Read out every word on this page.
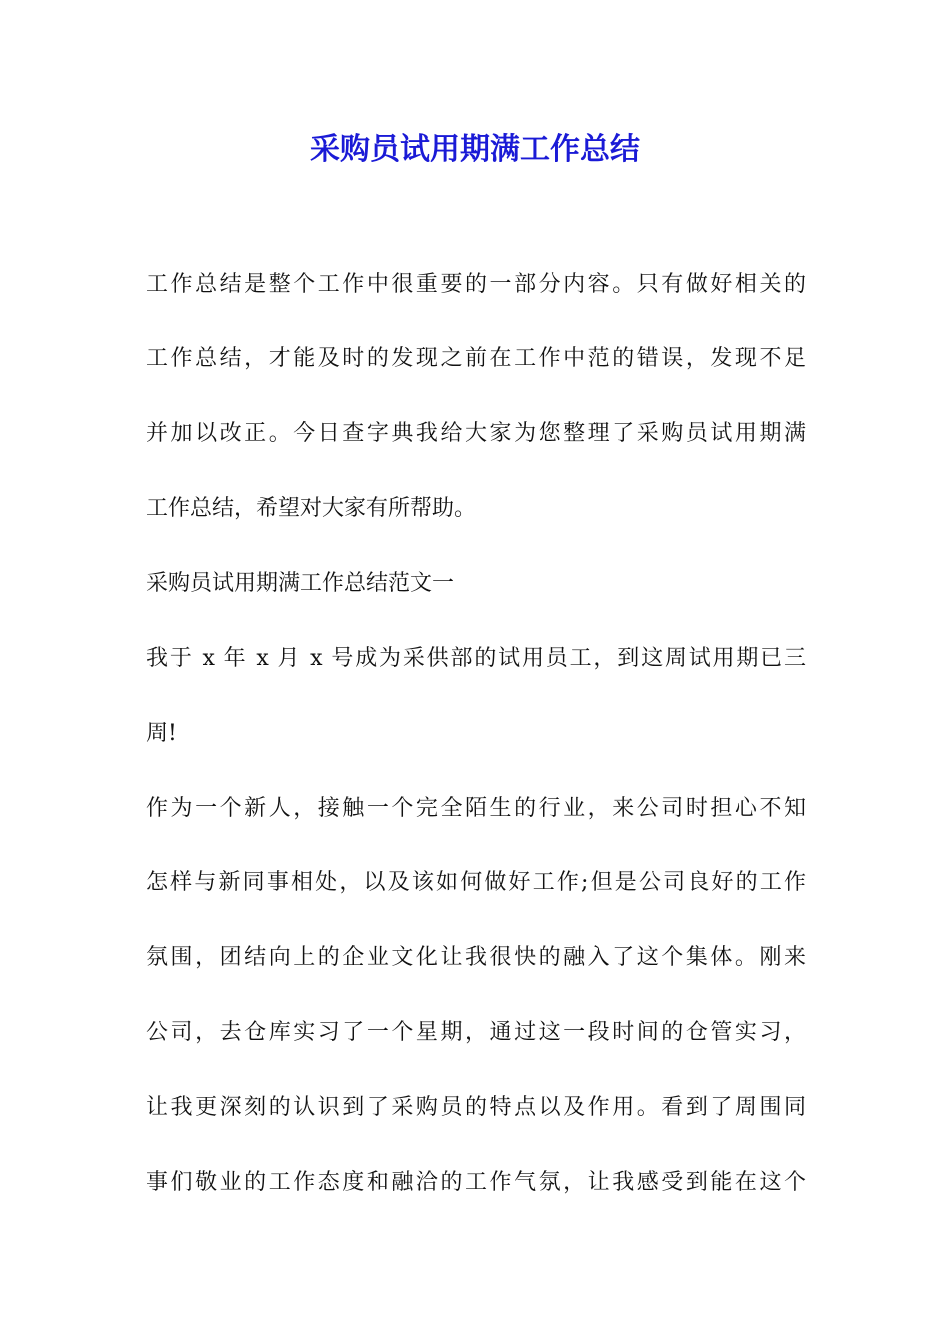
采购员试用期满工作总结

工作总结是整个工作中很重要的一部分内容。只有做好相关的

工作总结，才能及时的发现之前在工作中范的错误，发现不足

并加以改正。今日查字典我给大家为您整理了采购员试用期满

工作总结，希望对大家有所帮助。

采购员试用期满工作总结范文一

我于 x 年 x 月 x 号成为采供部的试用员工，到这周试用期已三

周!

作为一个新人，接触一个完全陌生的行业，来公司时担心不知

怎样与新同事相处，以及该如何做好工作;但是公司良好的工作

氛围，团结向上的企业文化让我很快的融入了这个集体。刚来

公司，去仓库实习了一个星期，通过这一段时间的仓管实习，

让我更深刻的认识到了采购员的特点以及作用。看到了周围同

事们敬业的工作态度和融洽的工作气氛，让我感受到能在这个
